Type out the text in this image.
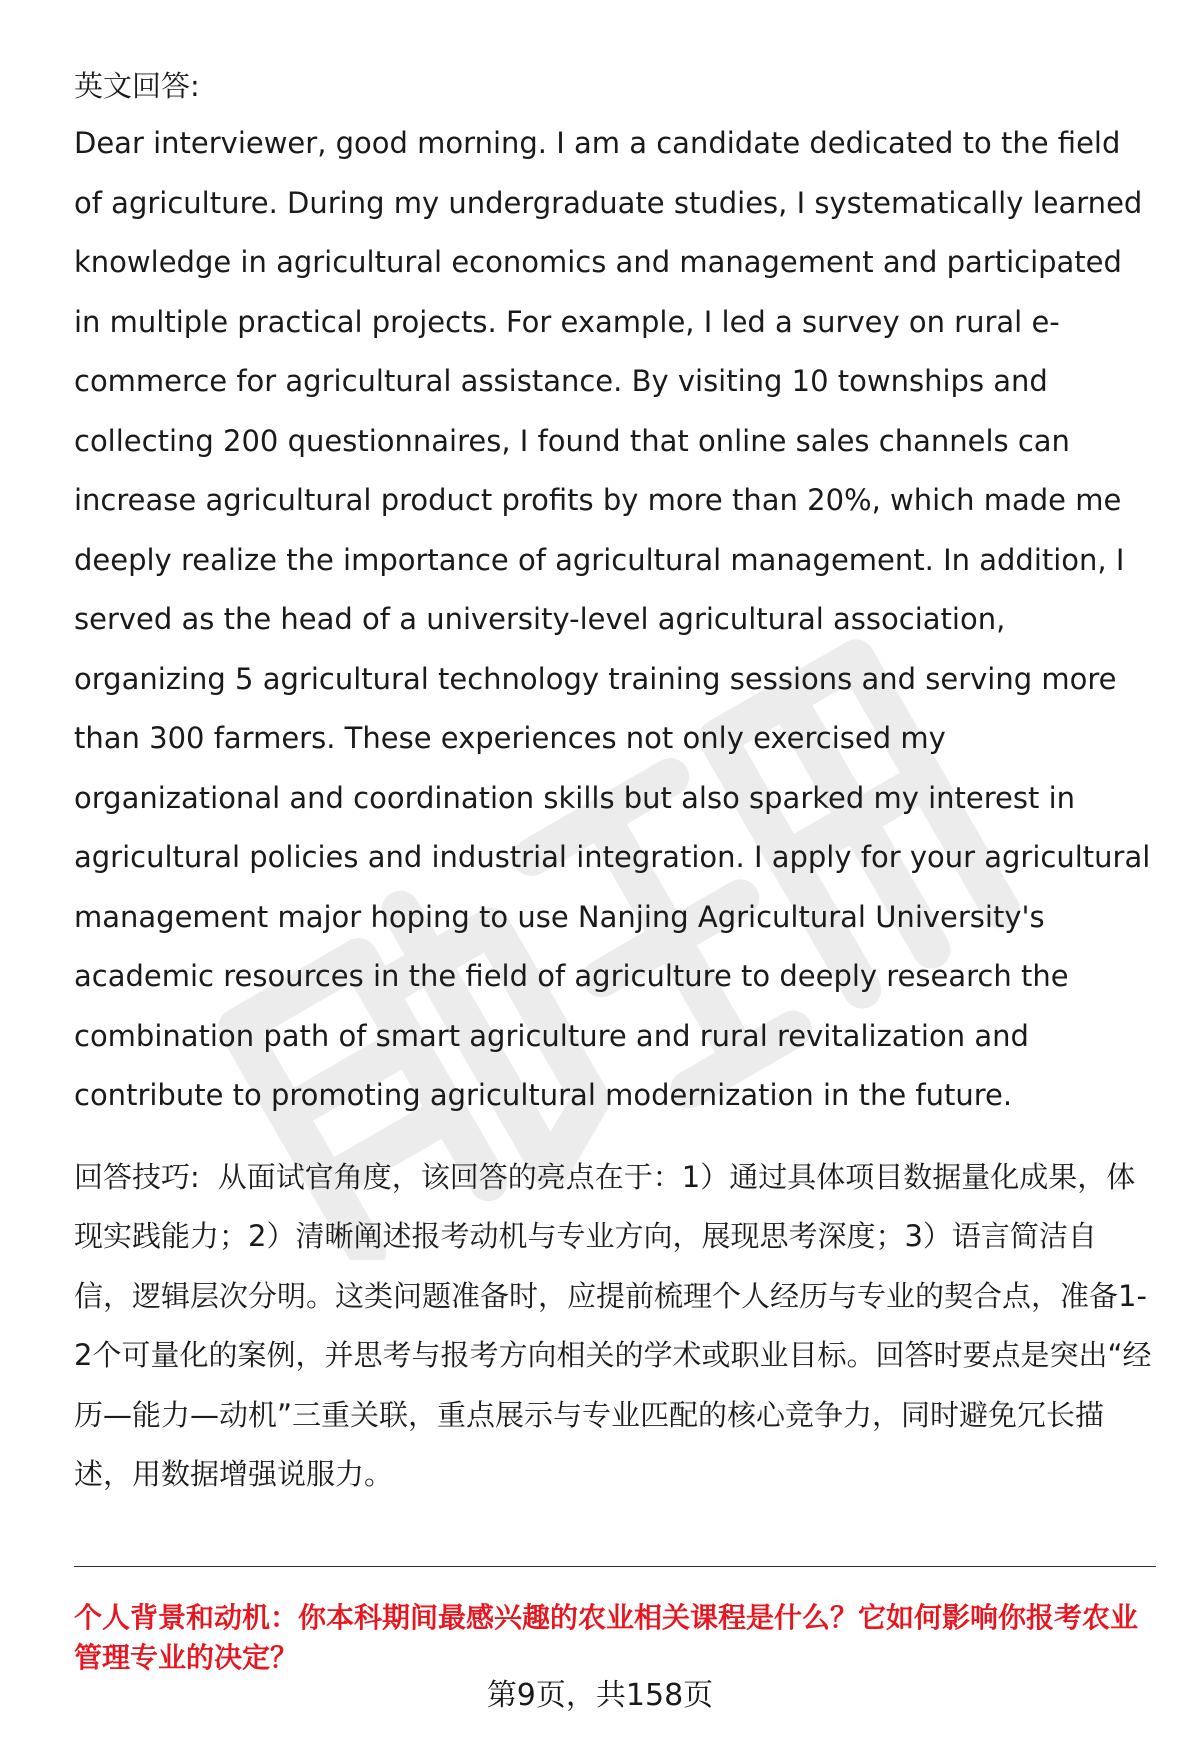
英文回答:

Dear interviewer, good morning. I am a candidate dedicated to the field of agriculture. During my undergraduate studies, I systematically learned knowledge in agricultural economics and management and participated in multiple practical projects. For example, I led a survey on rural e-commerce for agricultural assistance. By visiting 10 townships and collecting 200 questionnaires, I found that online sales channels can increase agricultural product profits by more than 20%, which made me deeply realize the importance of agricultural management. In addition, I served as the head of a university-level agricultural association, organizing 5 agricultural technology training sessions and serving more than 300 farmers. These experiences not only exercised my organizational and coordination skills but also sparked my interest in agricultural policies and industrial integration. I apply for your agricultural management major hoping to use Nanjing Agricultural University's academic resources in the field of agriculture to deeply research the combination path of smart agriculture and rural revitalization and contribute to promoting agricultural modernization in the future.

回答技巧: 从面试官角度，该回答的亮点在于：1）通过具体项目数据量化成果，体现实践能力；2）清晰阐述报考动机与专业方向，展现思考深度；3）语言简洁自信，逻辑层次分明。这类问题准备时，应提前梳理个人经历与专业的契合点，准备1-2个可量化的案例，并思考与报考方向相关的学术或职业目标。回答时要点是突出“经历—能力—动机”三重关联，重点展示与专业匹配的核心竞争力，同时避免冗长描述，用数据增强说服力。

个人背景和动机：你本科期间最感兴趣的农业相关课程是什么？它如何影响你报考农业管理专业的决定？

第9页，共158页
